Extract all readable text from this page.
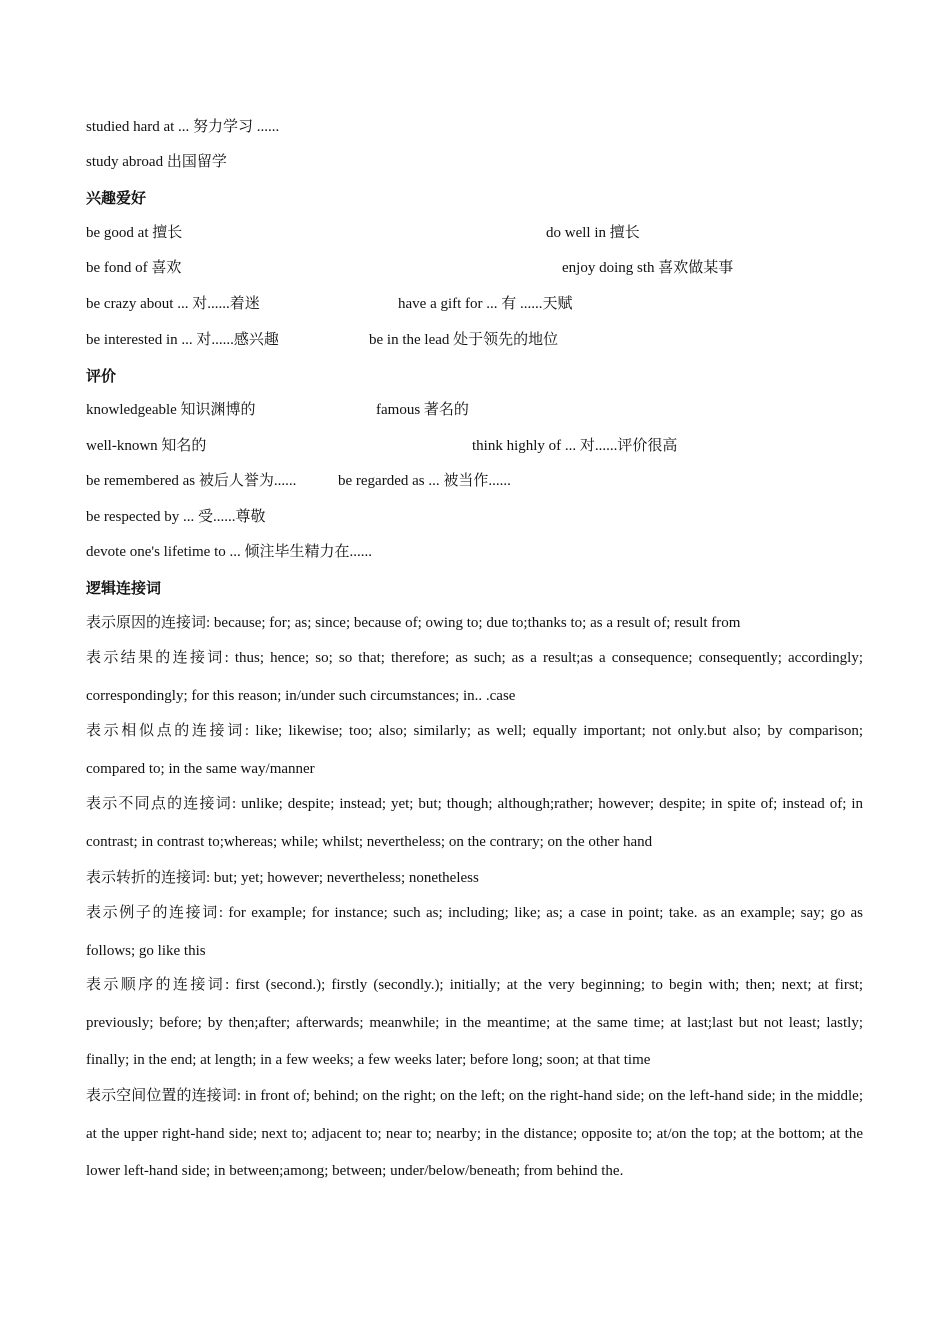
studied hard at ... 努力学习 ......
study abroad 出国留学
兴趣爱好
be good at 擅长	do well in 擅长
be fond of 喜欢	enjoy doing sth 喜欢做某事
be crazy about ... 对......着迷	have a gift for ... 有 ......天赋
be interested in ... 对......感兴趣	be in the lead 处于领先的地位
评价
knowledgeable 知识渊博的	famous 著名的
well-known 知名的	think highly of ... 对......评价很高
be remembered as 被后人誉为......	be regarded as ... 被当作......
be respected by ... 受......尊敬
devote one's lifetime to ... 倾注毕生精力在......
逻辑连接词
表示原因的连接词: because; for; as; since; because of; owing to; due to;thanks to; as a result of; result from
表示结果的连接词: thus; hence; so; so that; therefore; as such; as a result;as a consequence; consequently; accordingly; correspondingly; for this reason; in/under such circumstances; in.. .case
表示相似点的连接词: like; likewise; too; also; similarly; as well; equally important; not only.but also; by comparison; compared to; in the same way/manner
表示不同点的连接词: unlike; despite; instead; yet; but; though; although;rather; however; despite; in spite of; instead of; in contrast; in contrast to;whereas; while; whilst; nevertheless; on the contrary; on the other hand
表示转折的连接词: but; yet; however; nevertheless; nonetheless
表示例子的连接词: for example; for instance; such as; including; like; as; a case in point; take. as an example; say; go as follows; go like this
表示顺序的连接词: first (second.); firstly (secondly.); initially; at the very beginning; to begin with; then; next; at first; previously; before; by then;after; afterwards; meanwhile; in the meantime; at the same time; at last;last but not least; lastly; finally; in the end; at length; in a few weeks; a few weeks later; before long; soon; at that time
表示空间位置的连接词: in front of; behind; on the right; on the left; on the right-hand side; on the left-hand side; in the middle; at the upper right-hand side; next to; adjacent to; near to; nearby; in the distance; opposite to; at/on the top; at the bottom; at the lower left-hand side; in between;among; between; under/below/beneath; from behind the.
